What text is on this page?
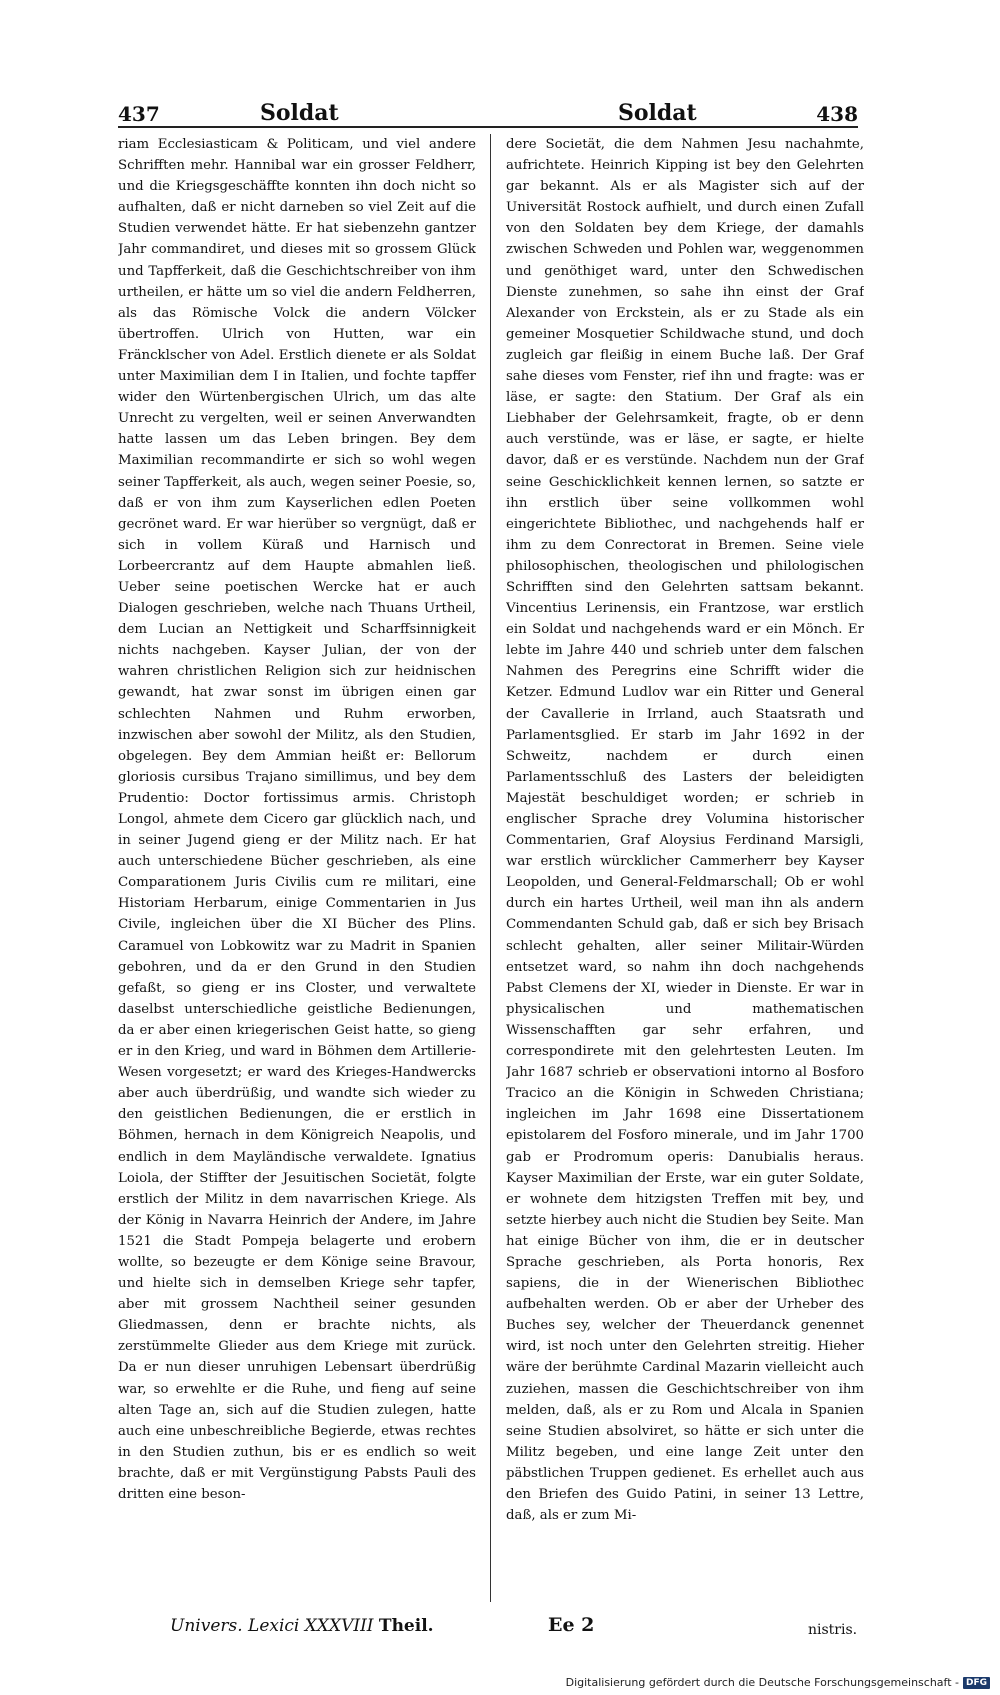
437	Soldat	Soldat	438

riam Ecclesiasticam & Politicam, und viel andere Schrifften mehr. Hannibal war ein grosser Feldherr, und die Kriegsgeschäffte konnten ihn doch nicht so aufhalten, daß er nicht darneben so viel Zeit auf die Studien verwendet hätte. Er hat siebenzehn gantzer Jahr commandiret, und dieses mit so grossem Glück und Tapfferkeit, daß die Geschichtschreiber von ihm urtheilen, er hätte um so viel die andern Feldherren, als das Römische Volck die andern Völcker übertroffen. Ulrich von Hutten, war ein Fräncklscher von Adel. Erstlich dienete er als Soldat unter Maximilian dem I in Italien, und fochte tapffer wider den Würtenbergischen Ulrich, um das alte Unrecht zu vergelten, weil er seinen Anverwandten hatte lassen um das Leben bringen. Bey dem Maximilian recommandirte er sich so wohl wegen seiner Tapfferkeit, als auch, wegen seiner Poesie, so, daß er von ihm zum Kayserlichen edlen Poeten gecrönet ward. Er war hierüber so vergnügt, daß er sich in vollem Küraß und Harnisch und Lorbeercrantz auf dem Haupte abmahlen ließ. Ueber seine poetischen Wercke hat er auch Dialogen geschrieben, welche nach Thuans Urtheil, dem Lucian an Nettigkeit und Scharffsinnigkeit nichts nachgeben. Kayser Julian, der von der wahren christlichen Religion sich zur heidnischen gewandt, hat zwar sonst im übrigen einen gar schlechten Nahmen und Ruhm erworben, inzwischen aber sowohl der Militz, als den Studien, obgelegen. Bey dem Ammian heißt er: Bellorum gloriosis cursibus Trajano simillimus, und bey dem Prudentio: Doctor fortissimus armis. Christoph Longol, ahmete dem Cicero gar glücklich nach, und in seiner Jugend gieng er der Militz nach. Er hat auch unterschiedene Bücher geschrieben, als eine Comparationem Juris Civilis cum re militari, eine Historiam Herbarum, einige Commentarien in Jus Civile, ingleichen über die XI Bücher des Plins. Caramuel von Lobkowitz war zu Madrit in Spanien gebohren, und da er den Grund in den Studien gefaßt, so gieng er ins Closter, und verwaltete daselbst unterschiedliche geistliche Bedienungen, da er aber einen kriegerischen Geist hatte, so gieng er in den Krieg, und ward in Böhmen dem Artillerie-Wesen vorgesetzt; er ward des Krieges-Handwercks aber auch überdrüßig, und wandte sich wieder zu den geistlichen Bedienungen, die er erstlich in Böhmen, hernach in dem Königreich Neapolis, und endlich in dem Mayländische verwaldete. Ignatius Loiola, der Stiffter der Jesuitischen Societät, folgte erstlich der Militz in dem navarrischen Kriege. Als der König in Navarra Heinrich der Andere, im Jahre 1521 die Stadt Pompeja belagerte und erobern wollte, so bezeugte er dem Könige seine Bravour, und hielte sich in demselben Kriege sehr tapfer, aber mit grossem Nachtheil seiner gesunden Gliedmassen, denn er brachte nichts, als zerstümmelte Glieder aus dem Kriege mit zurück. Da er nun dieser unruhigen Lebensart überdrüßig war, so erwehlte er die Ruhe, und fieng auf seine alten Tage an, sich auf die Studien zulegen, hatte auch eine unbeschreibliche Begierde, etwas rechtes in den Studien zuthun, bis er es endlich so weit brachte, daß er mit Vergünstigung Pabsts Pauli des dritten eine beson-

dere Societät, die dem Nahmen Jesu nachahmte, aufrichtete. Heinrich Kipping ist bey den Gelehrten gar bekannt. Als er als Magister sich auf der Universität Rostock aufhielt, und durch einen Zufall von den Soldaten bey dem Kriege, der damahls zwischen Schweden und Pohlen war, weggenommen und genöthiget ward, unter den Schwedischen Dienste zunehmen, so sahe ihn einst der Graf Alexander von Erckstein, als er zu Stade als ein gemeiner Mosquetier Schildwache stund, und doch zugleich gar fleißig in einem Buche laß. Der Graf sahe dieses vom Fenster, rief ihn und fragte: was er läse, er sagte: den Statium. Der Graf als ein Liebhaber der Gelehrsamkeit, fragte, ob er denn auch verstünde, was er läse, er sagte, er hielte davor, daß er es verstünde. Nachdem nun der Graf seine Geschicklichkeit kennen lernen, so satzte er ihn erstlich über seine vollkommen wohl eingerichtete Bibliothec, und nachgehends half er ihm zu dem Conrectorat in Bremen. Seine viele philosophischen, theologischen und philologischen Schrifften sind den Gelehrten sattsam bekannt. Vincentius Lerinensis, ein Frantzose, war erstlich ein Soldat und nachgehends ward er ein Mönch. Er lebte im Jahre 440 und schrieb unter dem falschen Nahmen des Peregrins eine Schrifft wider die Ketzer. Edmund Ludlov war ein Ritter und General der Cavallerie in Irrland, auch Staatsrath und Parlamentsglied. Er starb im Jahr 1692 in der Schweitz, nachdem er durch einen Parlamentsschluß des Lasters der beleidigten Majestät beschuldiget worden; er schrieb in englischer Sprache drey Volumina historischer Commentarien, Graf Aloysius Ferdinand Marsigli, war erstlich würcklicher Cammerherr bey Kayser Leopolden, und General-Feldmarschall; Ob er wohl durch ein hartes Urtheil, weil man ihn als andern Commendanten Schuld gab, daß er sich bey Brisach schlecht gehalten, aller seiner Militair-Würden entsetzet ward, so nahm ihn doch nachgehends Pabst Clemens der XI, wieder in Dienste. Er war in physicalischen und mathematischen Wissenschafften gar sehr erfahren, und correspondirete mit den gelehrtesten Leuten. Im Jahr 1687 schrieb er observationi intorno al Bosforo Tracico an die Königin in Schweden Christiana; ingleichen im Jahr 1698 eine Dissertationem epistolarem del Fosforo minerale, und im Jahr 1700 gab er Prodromum operis: Danubialis heraus. Kayser Maximilian der Erste, war ein guter Soldate, er wohnete dem hitzigsten Treffen mit bey, und setzte hierbey auch nicht die Studien bey Seite. Man hat einige Bücher von ihm, die er in deutscher Sprache geschrieben, als Porta honoris, Rex sapiens, die in der Wienerischen Bibliothec aufbehalten werden. Ob er aber der Urheber des Buches sey, welcher der Theuerdanck genennet wird, ist noch unter den Gelehrten streitig. Hieher wäre der berühmte Cardinal Mazarin vielleicht auch zuziehen, massen die Geschichtschreiber von ihm melden, daß, als er zu Rom und Alcala in Spanien seine Studien absolviret, so hätte er sich unter die Militz begeben, und eine lange Zeit unter den päbstlichen Truppen gedienet. Es erhellet auch aus den Briefen des Guido Patini, in seiner 13 Lettre, daß, als er zum Mi-

Univers. Lexici XXXVIII Theil.	Ee 2	nistris.
Digitalisierung gefördert durch die Deutsche Forschungsgemeinschaft - DFG
